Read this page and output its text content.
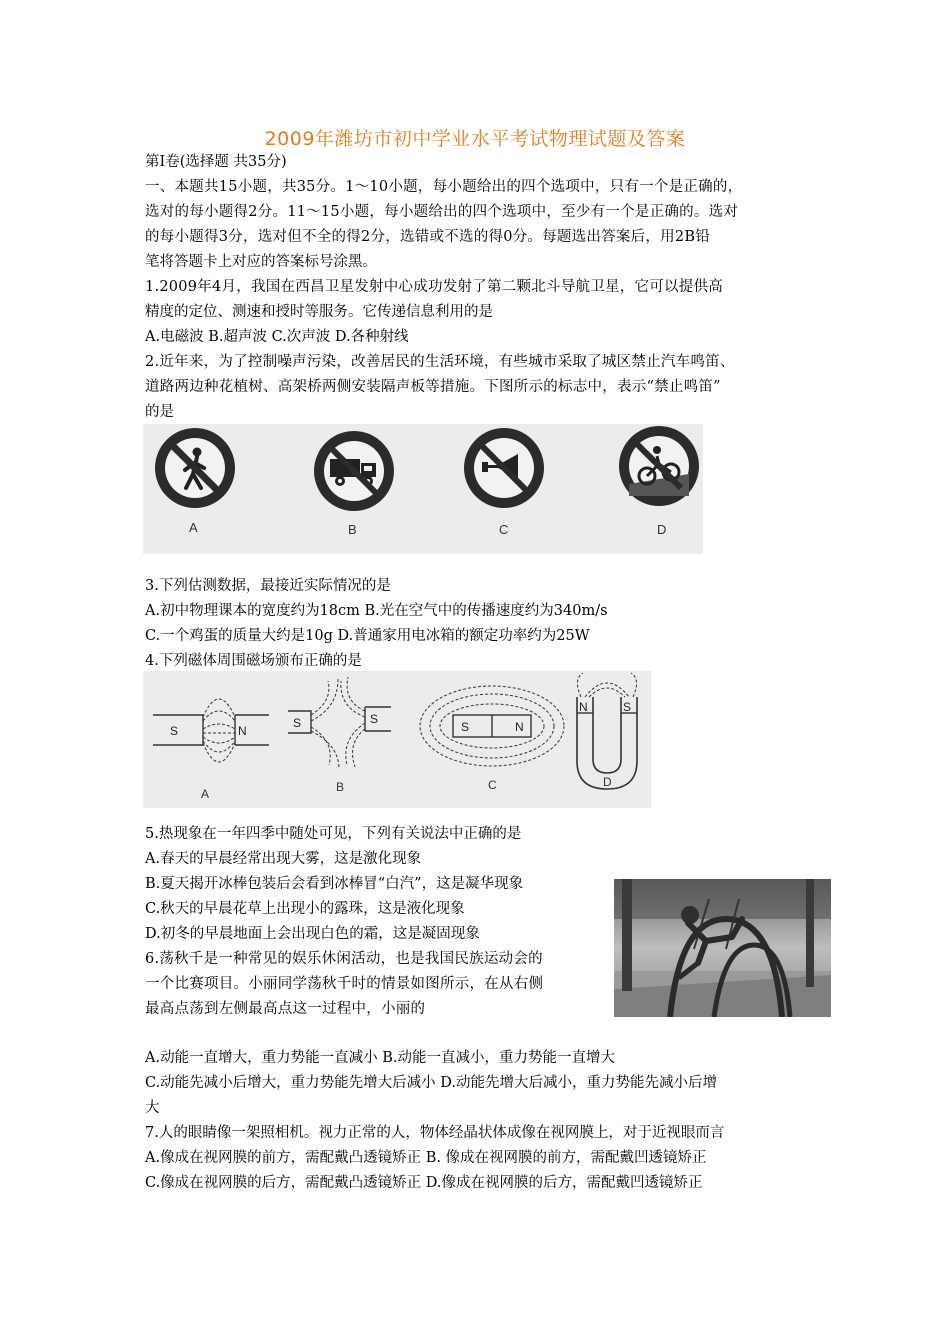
2009年潍坊市初中学业水平考试物理试题及答案
第Ⅰ卷(选择题 共35分)
一、本题共15小题，共35分。1～10小题，每小题给出的四个选项中，只有一个是正确的，
选对的每小题得2分。11～15小题，每小题给出的四个选项中，至少有一个是正确的。选对
的每小题得3分，选对但不全的得2分，选错或不选的得0分。每题选出答案后，用2B铅
笔将答题卡上对应的答案标号涂黑。
1.2009年4月，我国在西昌卫星发射中心成功发射了第二颗北斗导航卫星，它可以提供高
精度的定位、测速和授时等服务。它传递信息利用的是
A.电磁波 B.超声波 C.次声波 D.各种射线
2.近年来，为了控制噪声污染，改善居民的生活环境，有些城市采取了城区禁止汽车鸣笛、
道路两边种花植树、高架桥两侧安装隔声板等措施。下图所示的标志中，表示“禁止鸣笛”
的是
A	B	C	D
3.下列估测数据，最接近实际情况的是
A.初中物理课本的宽度约为18cm B.光在空气中的传播速度约为340m/s
C.一个鸡蛋的质量大约是10g D.普通家用电冰箱的额定功率约为25W
4.下列磁体周围磁场颁布正确的是
S	N
S	S
S	N
N	S
A	B	C	D
5.热现象在一年四季中随处可见，下列有关说法中正确的是
A.春天的早晨经常出现大雾，这是激化现象
B.夏天揭开冰棒包装后会看到冰棒冒“白汽”，这是凝华现象
C.秋天的早晨花草上出现小的露珠，这是液化现象
D.初冬的早晨地面上会出现白色的霜，这是凝固现象
6.荡秋千是一种常见的娱乐休闲活动，也是我国民族运动会的
一个比赛项目。小丽同学荡秋千时的情景如图所示，在从右侧
最高点荡到左侧最高点这一过程中，小丽的
A.动能一直增大，重力势能一直减小 B.动能一直减小，重力势能一直增大
C.动能先减小后增大，重力势能先增大后减小 D.动能先增大后减小，重力势能先减小后增
大
7.人的眼睛像一架照相机。视力正常的人，物体经晶状体成像在视网膜上，对于近视眼而言
A.像成在视网膜的前方，需配戴凸透镜矫正 B. 像成在视网膜的前方，需配戴凹透镜矫正
C.像成在视网膜的后方，需配戴凸透镜矫正 D.像成在视网膜的后方，需配戴凹透镜矫正
